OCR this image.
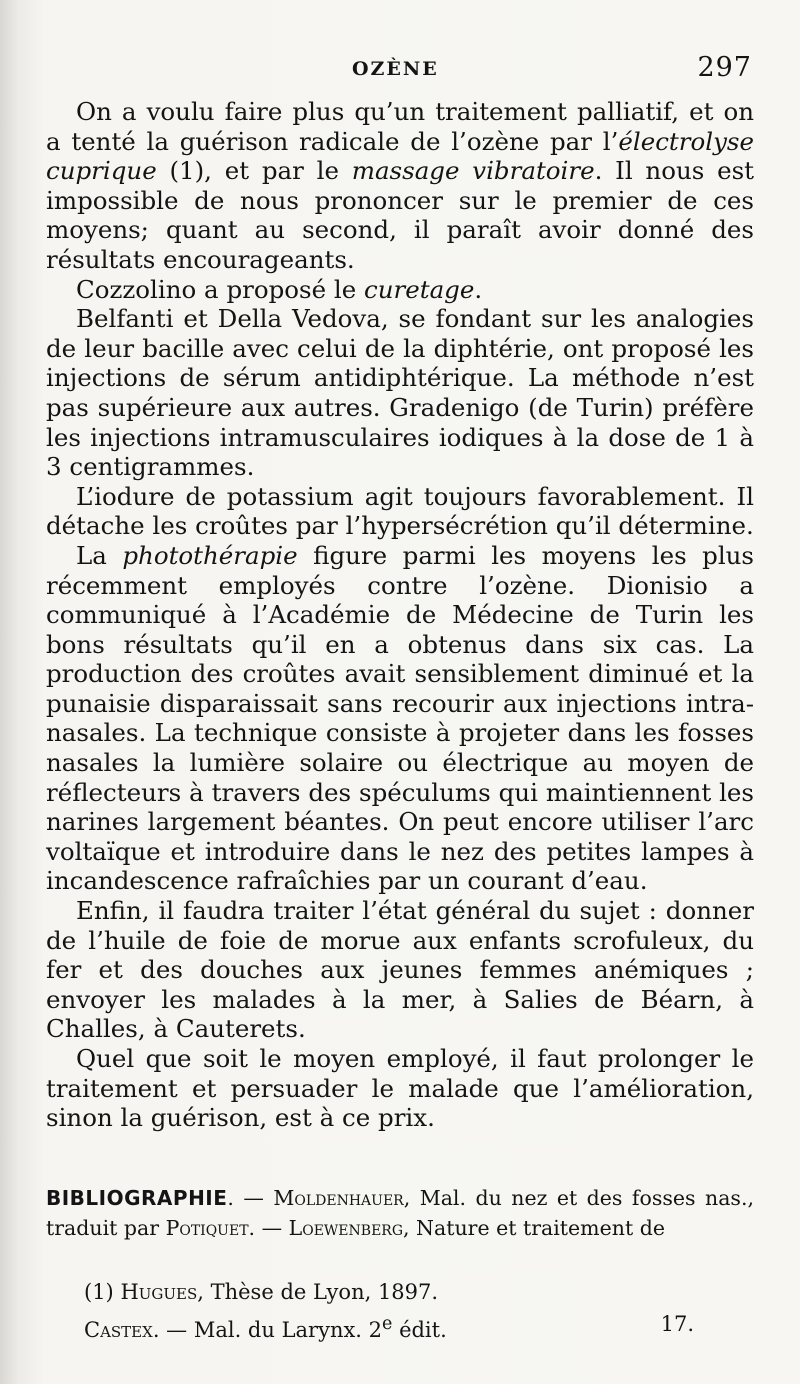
OZÈNE	297

On a voulu faire plus qu’un traitement palliatif, et on a tenté la guérison radicale de l’ozène par l’électrolyse cuprique (1), et par le massage vibratoire. Il nous est impossible de nous prononcer sur le premier de ces moyens; quant au second, il paraît avoir donné des résultats encourageants.

Cozzolino a proposé le curetage.

Belfanti et Della Vedova, se fondant sur les analogies de leur bacille avec celui de la diphtérie, ont proposé les injections de sérum antidiphtérique. La méthode n’est pas supérieure aux autres. Gradenigo (de Turin) préfère les injections intramusculaires iodiques à la dose de 1 à 3 centigrammes.

L’iodure de potassium agit toujours favorablement. Il détache les croûtes par l’hypersécrétion qu’il détermine.

La photothérapie figure parmi les moyens les plus récemment employés contre l’ozène. Dionisio a communiqué à l’Académie de Médecine de Turin les bons résultats qu’il en a obtenus dans six cas. La production des croûtes avait sensiblement diminué et la punaisie disparaissait sans recourir aux injections intra-nasales. La technique consiste à projeter dans les fosses nasales la lumière solaire ou électrique au moyen de réflecteurs à travers des spéculums qui maintiennent les narines largement béantes. On peut encore utiliser l’arc voltaïque et introduire dans le nez des petites lampes à incandescence rafraîchies par un courant d’eau.

Enfin, il faudra traiter l’état général du sujet : donner de l’huile de foie de morue aux enfants scrofuleux, du fer et des douches aux jeunes femmes anémiques ; envoyer les malades à la mer, à Salies de Béarn, à Challes, à Cauterets.

Quel que soit le moyen employé, il faut prolonger le traitement et persuader le malade que l’amélioration, sinon la guérison, est à ce prix.

BIBLIOGRAPHIE. — Moldenhauer, Mal. du nez et des fosses nas., traduit par Potiquet. — Loewenberg, Nature et traitement de
(1) Hugues, Thèse de Lyon, 1897.
Castex. — Mal. du Larynx. 2e édit.	17.
